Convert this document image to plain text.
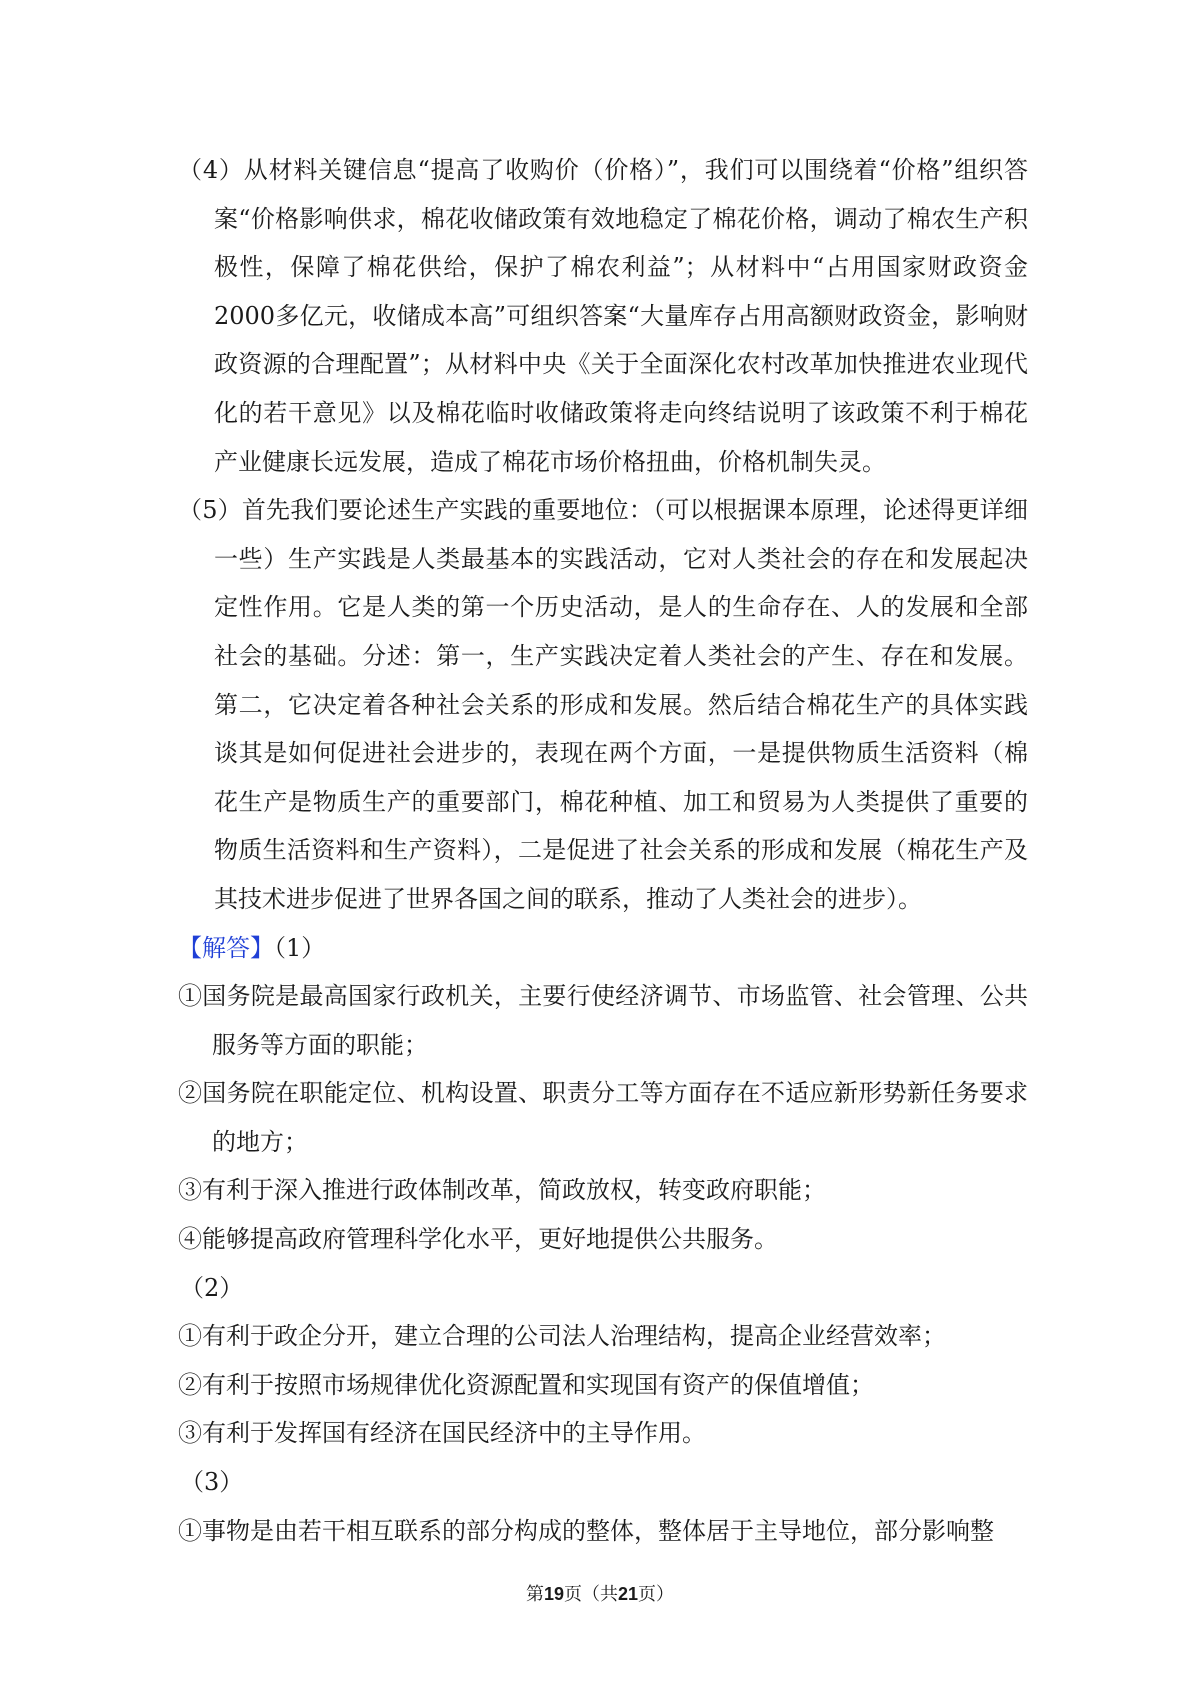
（4）从材料关键信息“提高了收购价（价格）”，我们可以围绕着“价格”组织答案“价格影响供求，棉花收储政策有效地稳定了棉花价格，调动了棉农生产积极性，保障了棉花供给，保护了棉农利益”；从材料中“占用国家财政资金2000多亿元，收储成本高”可组织答案“大量库存占用高额财政资金，影响财政资源的合理配置”；从材料中央《关于全面深化农村改革加快推进农业现代化的若干意见》以及棉花临时收储政策将走向终结说明了该政策不利于棉花产业健康长远发展，造成了棉花市场价格扭曲，价格机制失灵。

（5）首先我们要论述生产实践的重要地位：（可以根据课本原理，论述得更详细一些）生产实践是人类最基本的实践活动，它对人类社会的存在和发展起决定性作用。它是人类的第一个历史活动，是人的生命存在、人的发展和全部社会的基础。分述：第一，生产实践决定着人类社会的产生、存在和发展。第二，它决定着各种社会关系的形成和发展。然后结合棉花生产的具体实践谈其是如何促进社会进步的，表现在两个方面，一是提供物质生活资料（棉花生产是物质生产的重要部门，棉花种植、加工和贸易为人类提供了重要的物质生活资料和生产资料），二是促进了社会关系的形成和发展（棉花生产及其技术进步促进了世界各国之间的联系，推动了人类社会的进步）。

【解答】（1）

①国务院是最高国家行政机关，主要行使经济调节、市场监管、社会管理、公共服务等方面的职能；

②国务院在职能定位、机构设置、职责分工等方面存在不适应新形势新任务要求的地方；

③有利于深入推进行政体制改革，简政放权，转变政府职能；

④能够提高政府管理科学化水平，更好地提供公共服务。

（2）

①有利于政企分开，建立合理的公司法人治理结构，提高企业经营效率；

②有利于按照市场规律优化资源配置和实现国有资产的保值增值；

③有利于发挥国有经济在国民经济中的主导作用。

（3）

①事物是由若干相互联系的部分构成的整体，整体居于主导地位，部分影响整

第19页（共21页）
